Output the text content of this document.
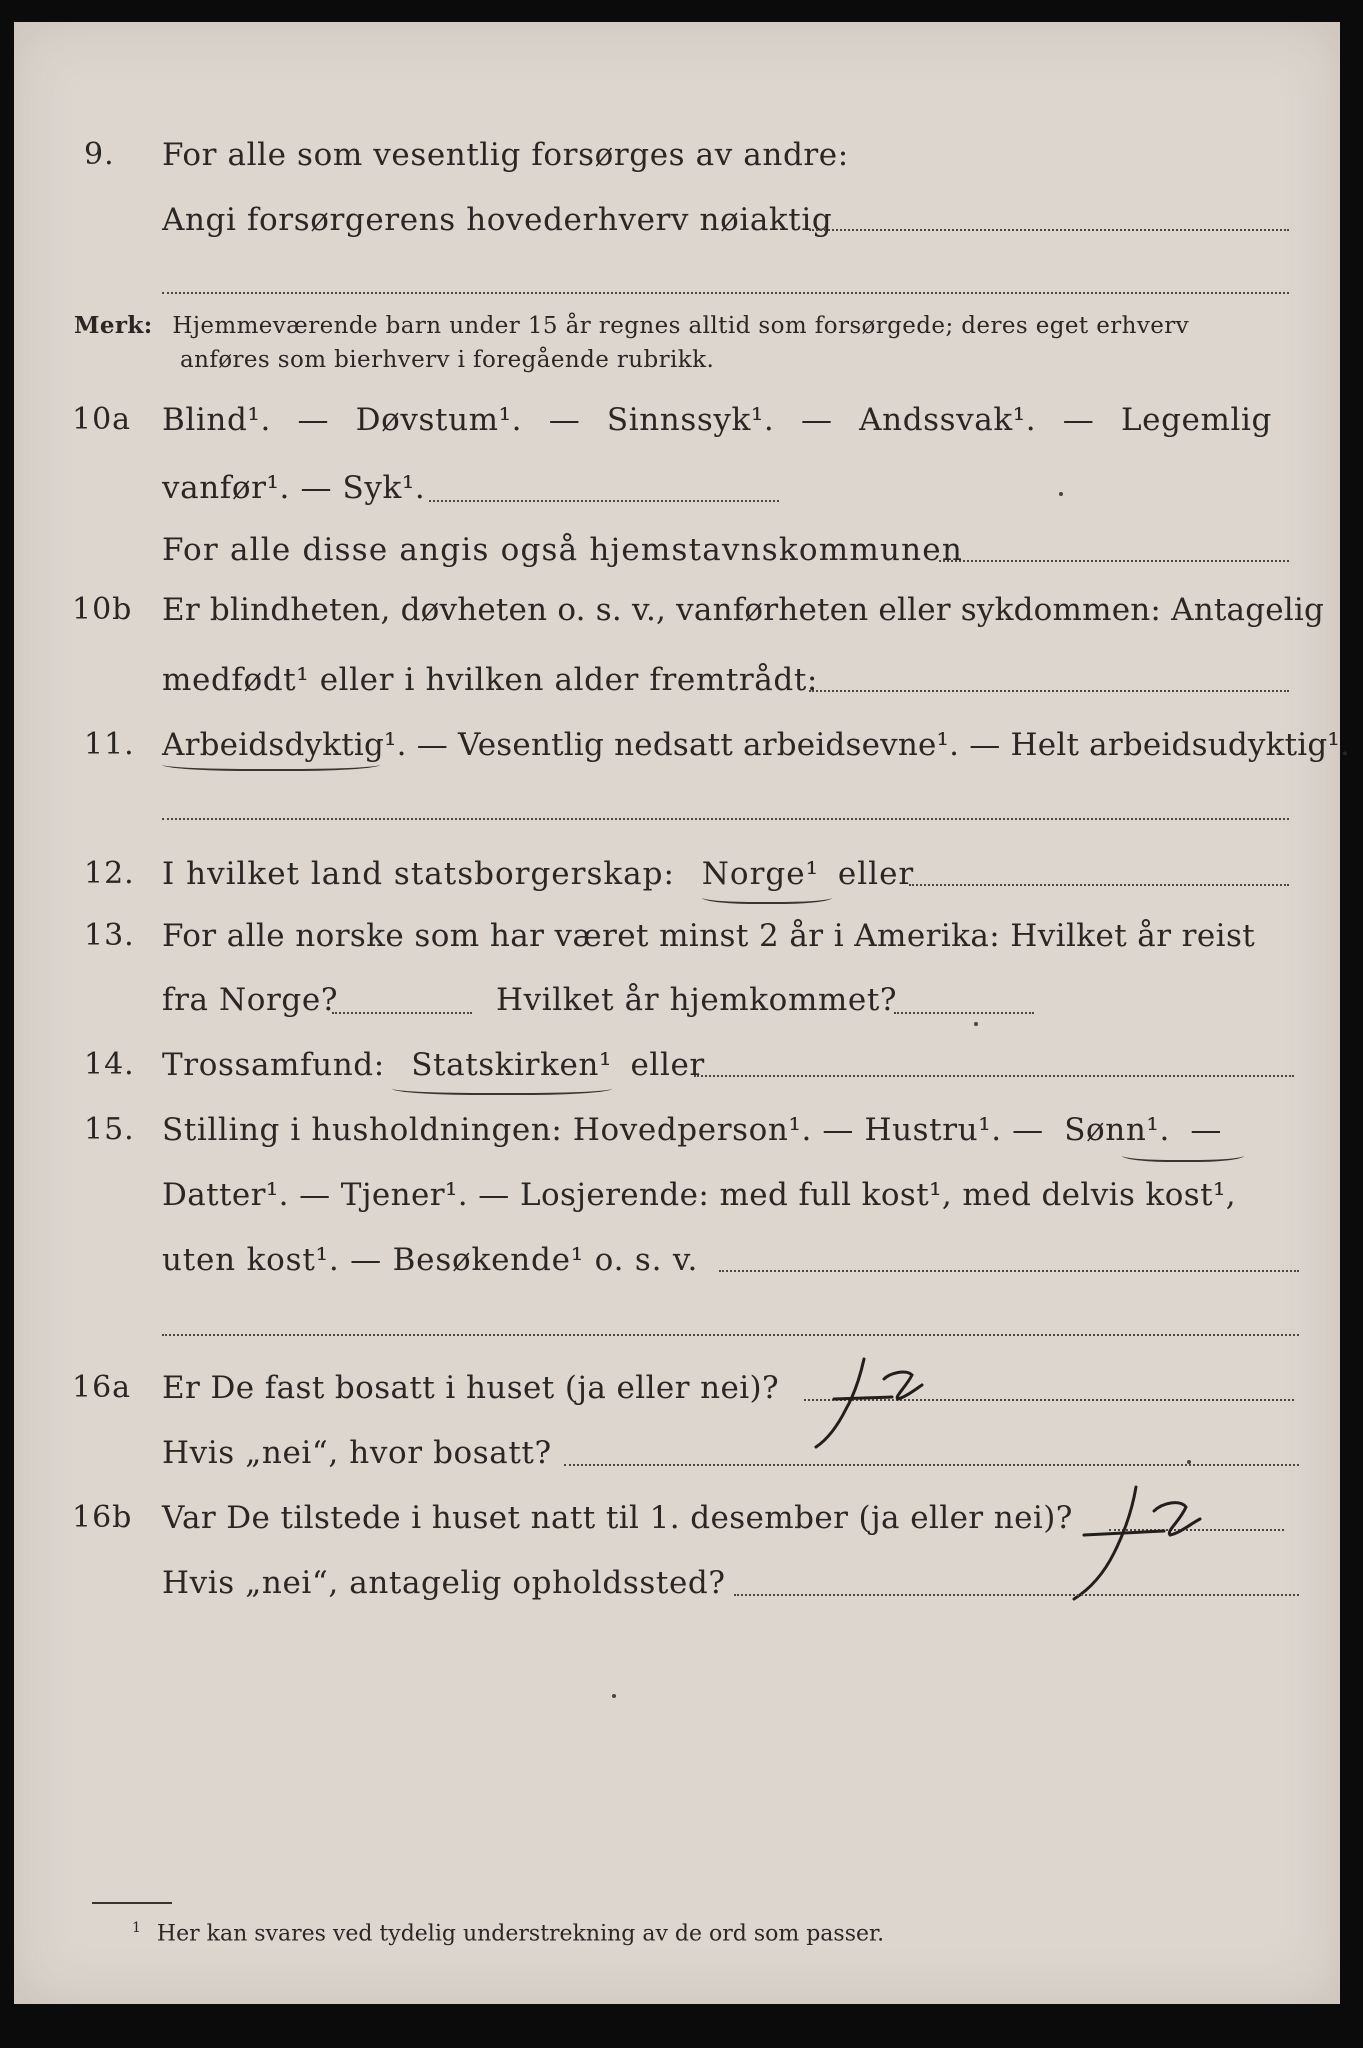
9. For alle som vesentlig forsørges av andre:
Angi forsørgerens hovederhverv nøiaktig
Merk: Hjemmeværende barn under 15 år regnes alltid som forsørgede; deres eget erhverv
anføres som bierhverv i foregående rubrikk.
10a Blind¹. — Døvstum¹. — Sinnssyk¹. — Andssvak¹. — Legemlig
vanfør¹. — Syk¹.
For alle disse angis også hjemstavnskommunen
10b Er blindheten, døvheten o. s. v., vanførheten eller sykdommen: Antagelig
medfødt¹ eller i hvilken alder fremtrådt:
11. Arbeidsdyktig¹. — Vesentlig nedsatt arbeidsevne¹. — Helt arbeidsudyktig¹.
12. I hvilket land statsborgerskap: Norge¹ eller
13. For alle norske som har været minst 2 år i Amerika: Hvilket år reist
fra Norge?	Hvilket år hjemkommet?
14. Trossamfund: Statskirken¹ eller
15. Stilling i husholdningen: Hovedperson¹. — Hustru¹. — Sønn¹. —
Datter¹. — Tjener¹. — Losjerende: med full kost¹, med delvis kost¹,
uten kost¹. — Besøkende¹ o. s. v.
16a Er De fast bosatt i huset (ja eller nei)?
Hvis „nei“, hvor bosatt?
16b Var De tilstede i huset natt til 1. desember (ja eller nei)?
Hvis „nei“, antagelig opholdssted?
$^1$ Her kan svares ved tydelig understrekning av de ord som passer.
